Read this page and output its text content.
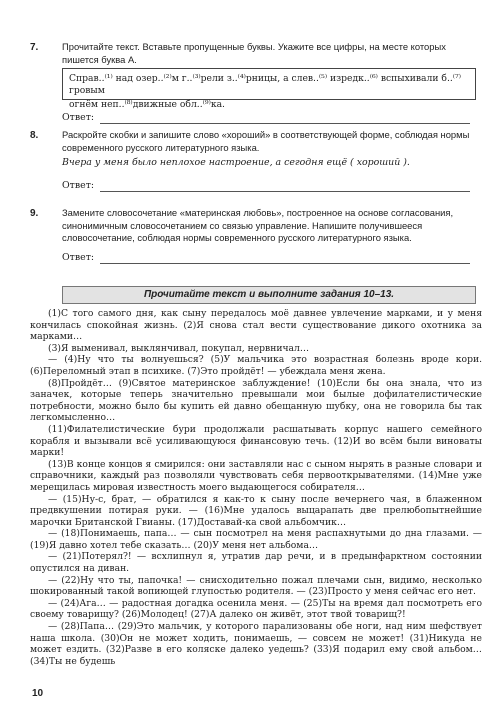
7.	Прочитайте текст. Вставьте пропущенные буквы. Укажите все цифры, на месте которых пишется буква А.

Справ..⁽¹⁾ над озер..⁽²⁾м г..⁽³⁾рели з..⁽⁴⁾рницы, а слев..⁽⁵⁾ изредк..⁽⁶⁾ вспыхивали б..⁽⁷⁾гровым

огнём неп..⁽⁸⁾движные обл..⁽⁹⁾ка.

Ответ:
8.	Раскройте скобки и запишите слово «хороший» в соответствующей форме, соблюдая нормы современного русского литературного языка.
Вчера у меня было неплохое настроение, а сегодня ещё ( хороший ).
Ответ:
9.	Замените словосочетание «материнская любовь», построенное на основе согласования, синонимичным словосочетанием со связью управление. Напишите получившееся словосочетание, соблюдая нормы современного русского литературного языка.
Ответ:
Прочитайте текст и выполните задания 10–13.

(1)С того самого дня, как сыну передалось моё давнее увлечение марками, и у меня кончилась спокойная жизнь. (2)Я снова стал вести существование дикого охотника за марками…

(3)Я выменивал, выклянчивал, покупал, нервничал…

— (4)Ну что ты волнуешься? (5)У мальчика это возрастная болезнь вроде кори. (6)Переломный этап в психике. (7)Это пройдёт! — убеждала меня жена.

(8)Пройдёт… (9)Святое материнское заблуждение! (10)Если бы она знала, что из заначек, которые теперь значительно превышали мои былые дофилателистические потребности, можно было бы купить ей давно обещанную шубку, она не говорила бы так легкомысленно…

(11)Филателистические бури продолжали расшатывать корпус нашего семейного корабля и вызывали всё усиливающуюся финансовую течь. (12)И во всём были виноваты марки!

(13)В конце концов я смирился: они заставляли нас с сыном нырять в разные словари и справочники, каждый раз позволяли чувствовать себя первооткрывателями. (14)Мне уже мерещилась мировая известность моего выдающегося собирателя…

— (15)Ну-с, брат, — обратился я как-то к сыну после вечернего чая, в блаженном предвкушении потирая руки. — (16)Мне удалось выцарапать две прелюбопытнейшие марочки Британской Гвианы. (17)Доставай-ка свой альбомчик…

— (18)Понимаешь, папа… — сын посмотрел на меня распахнутыми до дна глазами. — (19)Я давно хотел тебе сказать… (20)У меня нет альбома…

— (21)Потерял?! — всхлипнул я, утратив дар речи, и в предынфарктном состоянии опустился на диван.

— (22)Ну что ты, папочка! — снисходительно пожал плечами сын, видимо, несколько шокированный такой вопиющей глупостью родителя. — (23)Просто у меня сейчас его нет.

— (24)Ага… — радостная догадка осенила меня. — (25)Ты на время дал посмотреть его своему товарищу? (26)Молодец! (27)А далеко он живёт, этот твой товарищ?!

— (28)Папа… (29)Это мальчик, у которого парализованы обе ноги, над ним шефствует наша школа. (30)Он не может ходить, понимаешь, — совсем не может! (31)Никуда не может ездить. (32)Разве в его коляске далеко уедешь? (33)Я подарил ему свой альбом… (34)Ты не будешь

10
